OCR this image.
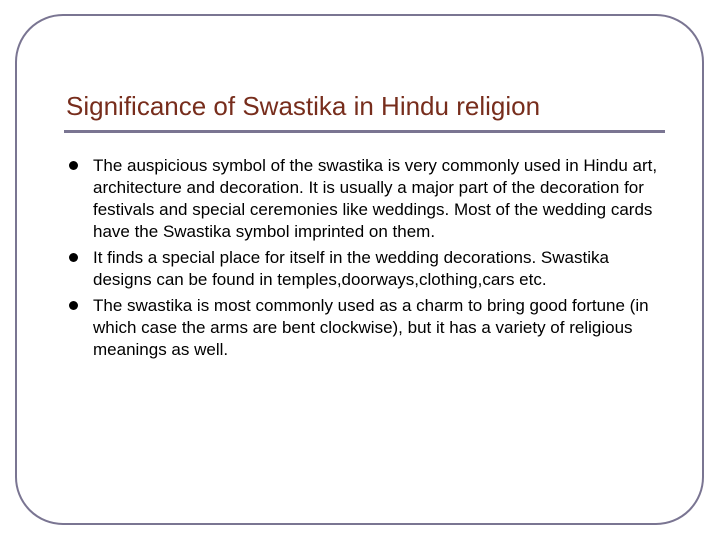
Significance of Swastika in Hindu religion
The auspicious symbol of the swastika is very commonly used in Hindu art, architecture and decoration. It is usually a major part of the decoration for festivals and special ceremonies like weddings. Most of the wedding cards have the Swastika symbol imprinted on them.
It finds a special place for itself in the wedding decorations. Swastika designs can be found in temples,doorways,clothing,cars etc.
The swastika is most commonly used as a charm to bring good fortune (in which case the arms are bent clockwise), but it has a variety of religious meanings as well.
